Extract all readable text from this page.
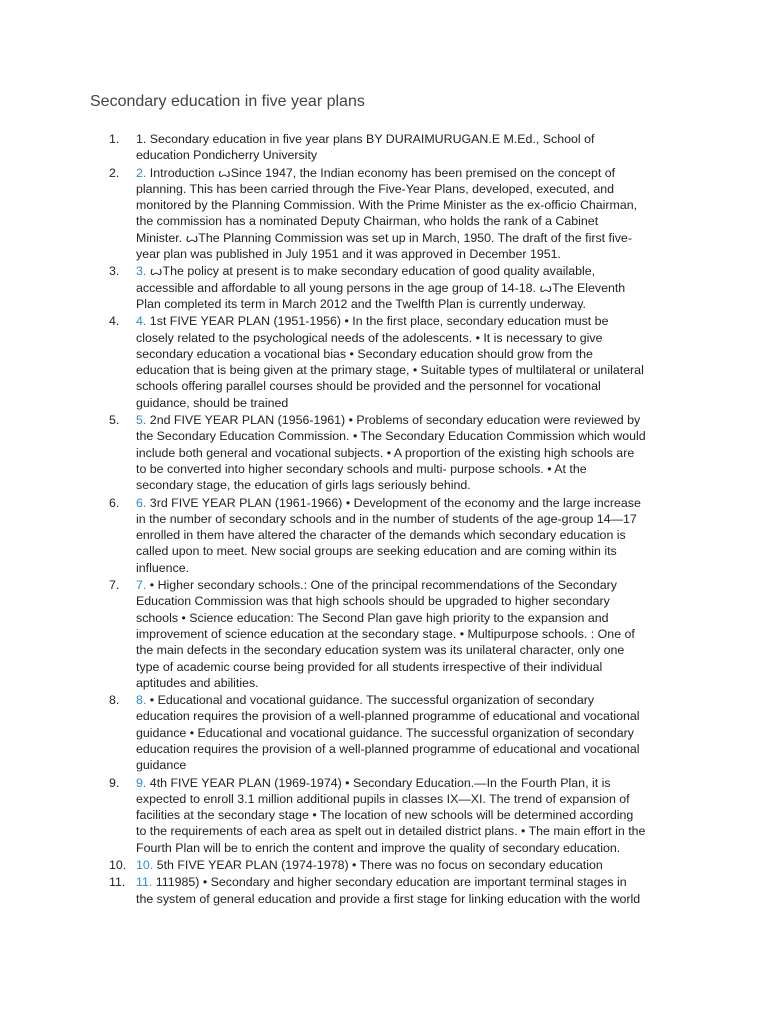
Secondary education in five year plans
1.	1. Secondary education in five year plans BY DURAIMURUGAN.E M.Ed., School of education Pondicherry University
2.	2. Introduction ꙍSince 1947, the Indian economy has been premised on the concept of planning. This has been carried through the Five-Year Plans, developed, executed, and monitored by the Planning Commission. With the Prime Minister as the ex-officio Chairman, the commission has a nominated Deputy Chairman, who holds the rank of a Cabinet Minister. ꙍThe Planning Commission was set up in March, 1950. The draft of the first five-year plan was published in July 1951 and it was approved in December 1951.
3.	3. ꙍThe policy at present is to make secondary education of good quality available, accessible and affordable to all young persons in the age group of 14-18. ꙍThe Eleventh Plan completed its term in March 2012 and the Twelfth Plan is currently underway.
4.	4. 1st FIVE YEAR PLAN (1951-1956) • In the first place, secondary education must be closely related to the psychological needs of the adolescents. • It is necessary to give secondary education a vocational bias • Secondary education should grow from the education that is being given at the primary stage, • Suitable types of multilateral or unilateral schools offering parallel courses should be provided and the personnel for vocational guidance, should be trained
5.	5. 2nd FIVE YEAR PLAN (1956-1961) • Problems of secondary education were reviewed by the Secondary Education Commission. • The Secondary Education Commission which would include both general and vocational subjects. • A proportion of the existing high schools are to be converted into higher secondary schools and multi- purpose schools. • At the secondary stage, the education of girls lags seriously behind.
6.	6. 3rd FIVE YEAR PLAN (1961-1966) • Development of the economy and the large increase in the number of secondary schools and in the number of students of the age-group 14—17 enrolled in them have altered the character of the demands which secondary education is called upon to meet. New social groups are seeking education and are coming within its influence.
7.	7. • Higher secondary schools.: One of the principal recommendations of the Secondary Education Commission was that high schools should be upgraded to higher secondary schools • Science education: The Second Plan gave high priority to the expansion and improvement of science education at the secondary stage. • Multipurpose schools. : One of the main defects in the secondary education system was its unilateral character, only one type of academic course being provided for all students irrespective of their individual aptitudes and abilities.
8.	8. • Educational and vocational guidance. The successful organization of secondary education requires the provision of a well-planned programme of educational and vocational guidance • Educational and vocational guidance. The successful organization of secondary education requires the provision of a well-planned programme of educational and vocational guidance
9.	9. 4th FIVE YEAR PLAN (1969-1974) • Secondary Education.—In the Fourth Plan, it is expected to enroll 3.1 million additional pupils in classes IX—XI. The trend of expansion of facilities at the secondary stage • The location of new schools will be determined according to the requirements of each area as spelt out in detailed district plans. • The main effort in the Fourth Plan will be to enrich the content and improve the quality of secondary education.
10. 10. 5th FIVE YEAR PLAN (1974-1978) • There was no focus on secondary education
11. 11. 111985) • Secondary and higher secondary education are important terminal stages in the system of general education and provide a first stage for linking education with the world
